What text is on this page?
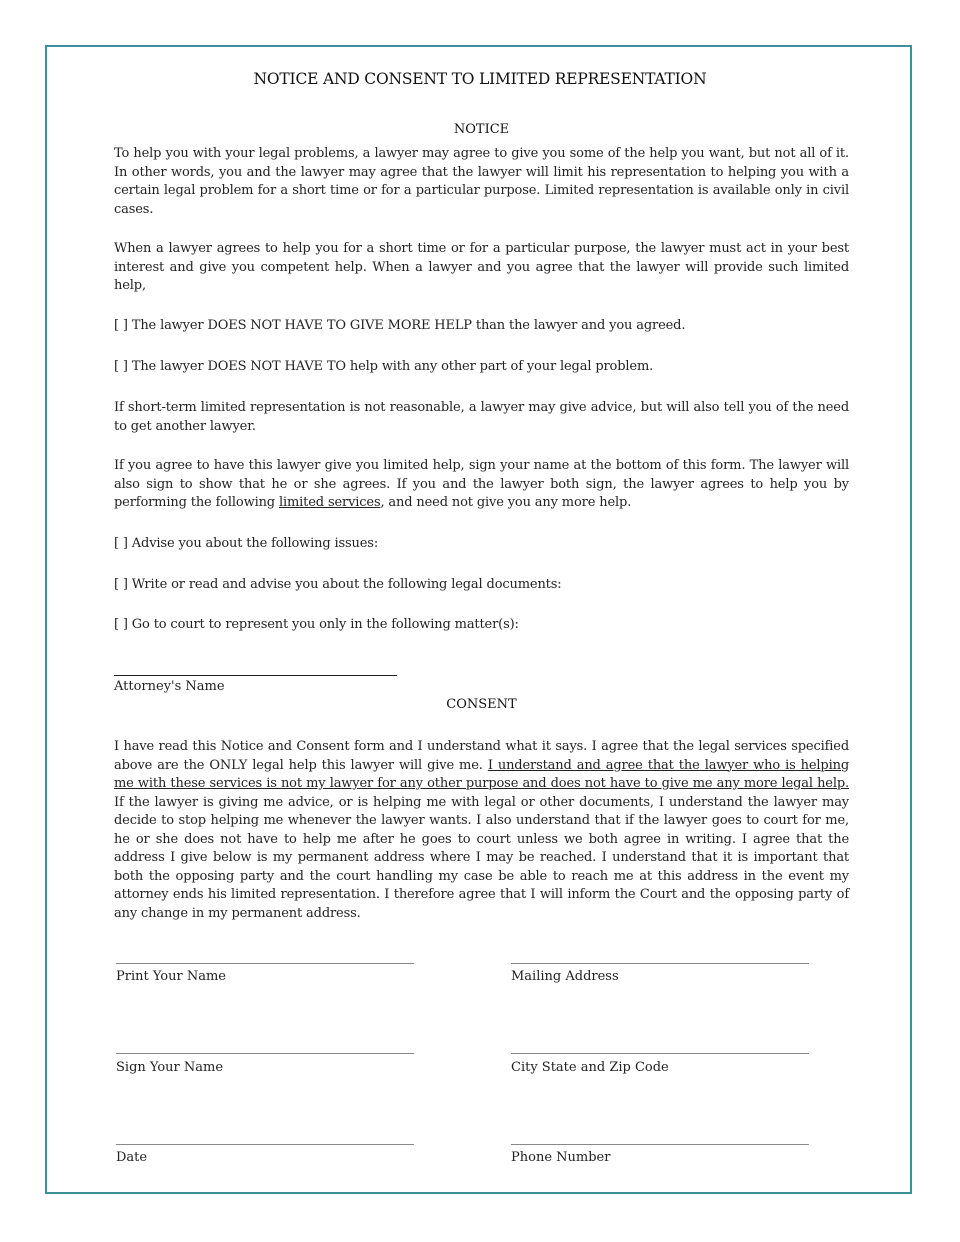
NOTICE AND CONSENT TO LIMITED REPRESENTATION
NOTICE

To help you with your legal problems, a lawyer may agree to give you some of the help you want, but not all of it. In other words, you and the lawyer may agree that the lawyer will limit his representation to helping you with a certain legal problem for a short time or for a particular purpose. Limited representation is available only in civil cases.

When a lawyer agrees to help you for a short time or for a particular purpose, the lawyer must act in your best interest and give you competent help. When a lawyer and you agree that the lawyer will provide such limited help,

[ ] The lawyer DOES NOT HAVE TO GIVE MORE HELP than the lawyer and you agreed.

[ ] The lawyer DOES NOT HAVE TO help with any other part of your legal problem.

If short-term limited representation is not reasonable, a lawyer may give advice, but will also tell you of the need to get another lawyer.

If you agree to have this lawyer give you limited help, sign your name at the bottom of this form. The lawyer will also sign to show that he or she agrees. If you and the lawyer both sign, the lawyer agrees to help you by performing the following limited services, and need not give you any more help.

[ ] Advise you about the following issues:

[ ] Write or read and advise you about the following legal documents:

[ ] Go to court to represent you only in the following matter(s):

Attorney's Name
CONSENT

I have read this Notice and Consent form and I understand what it says. I agree that the legal services specified above are the ONLY legal help this lawyer will give me. I understand and agree that the lawyer who is helping me with these services is not my lawyer for any other purpose and does not have to give me any more legal help. If the lawyer is giving me advice, or is helping me with legal or other documents, I understand the lawyer may decide to stop helping me whenever the lawyer wants. I also understand that if the lawyer goes to court for me, he or she does not have to help me after he goes to court unless we both agree in writing. I agree that the address I give below is my permanent address where I may be reached. I understand that it is important that both the opposing party and the court handling my case be able to reach me at this address in the event my attorney ends his limited representation. I therefore agree that I will inform the Court and the opposing party of any change in my permanent address.

Print Your Name	Mailing Address
Sign Your Name	City State and Zip Code
Date	Phone Number
